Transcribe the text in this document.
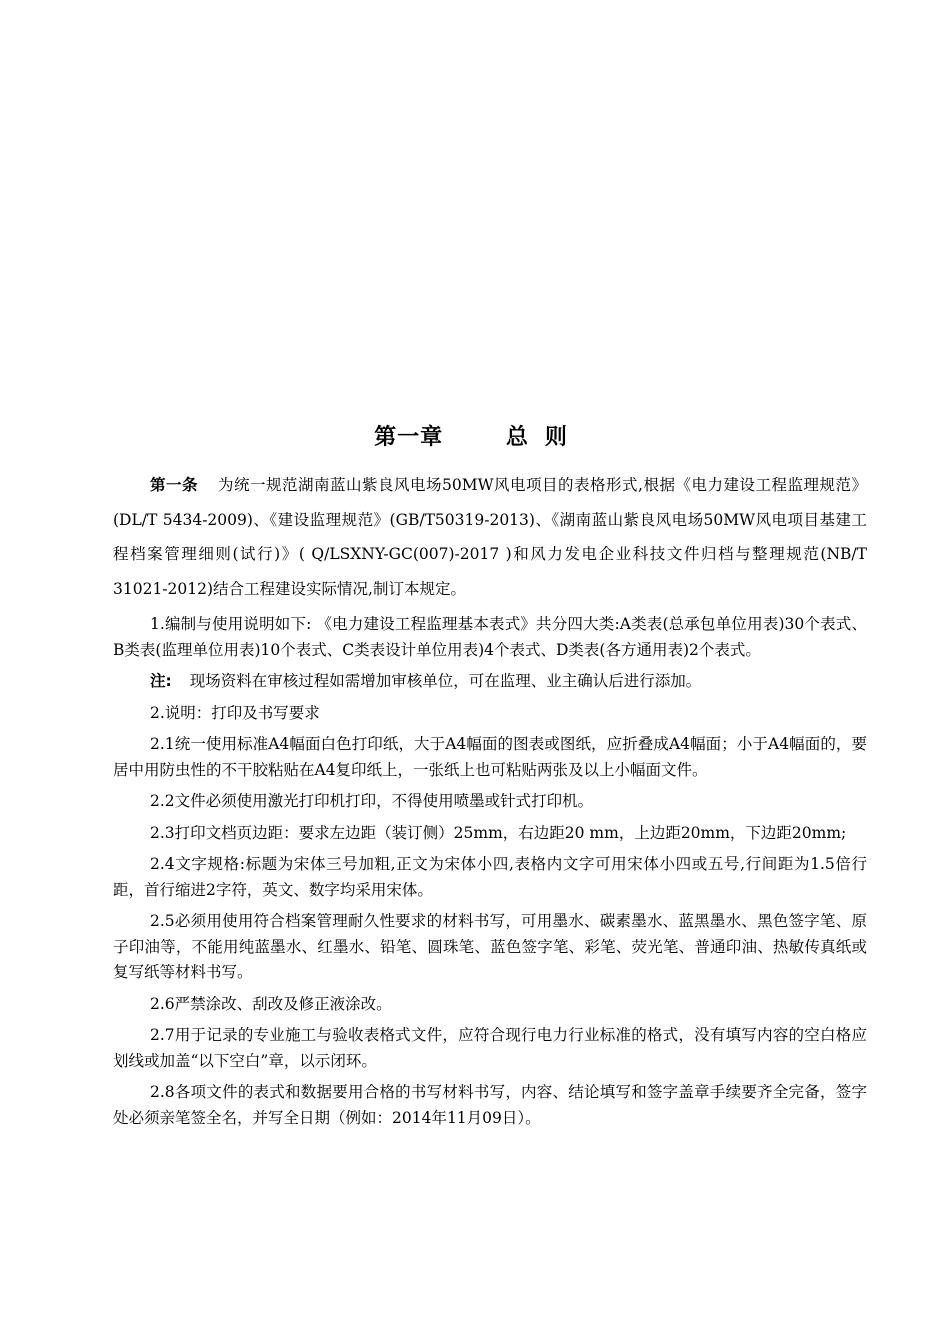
第一章	总 则

第一条 为统一规范湖南蓝山紫良风电场50MW风电项目的表格形式,根据《电力建设工程监理规范》(DL/T 5434-2009)、《建设监理规范》(GB/T50319-2013)、《湖南蓝山紫良风电场50MW风电项目基建工程档案管理细则(试行)》( Q/LSXNY-GC(007)-2017 )和风力发电企业科技文件归档与整理规范(NB/T 31021-2012)结合工程建设实际情况,制订本规定。

1.编制与使用说明如下: 《电力建设工程监理基本表式》共分四大类:A类表(总承包单位用表)30个表式、B类表(监理单位用表)10个表式、C类表设计单位用表)4个表式、D类表(各方通用表)2个表式。

注: 现场资料在审核过程如需增加审核单位，可在监理、业主确认后进行添加。

2.说明：打印及书写要求

2.1统一使用标准A4幅面白色打印纸，大于A4幅面的图表或图纸，应折叠成A4幅面；小于A4幅面的，要居中用防虫性的不干胶粘贴在A4复印纸上，一张纸上也可粘贴两张及以上小幅面文件。

2.2文件必须使用激光打印机打印，不得使用喷墨或针式打印机。

2.3打印文档页边距：要求左边距（装订侧）25mm，右边距20 mm，上边距20mm，下边距20mm;

2.4文字规格:标题为宋体三号加粗,正文为宋体小四,表格内文字可用宋体小四或五号,行间距为1.5倍行距，首行缩进2字符，英文、数字均采用宋体。

2.5必须用使用符合档案管理耐久性要求的材料书写，可用墨水、碳素墨水、蓝黑墨水、黑色签字笔、原子印油等，不能用纯蓝墨水、红墨水、铅笔、圆珠笔、蓝色签字笔、彩笔、荧光笔、普通印油、热敏传真纸或复写纸等材料书写。

2.6严禁涂改、刮改及修正液涂改。

2.7用于记录的专业施工与验收表格式文件，应符合现行电力行业标准的格式，没有填写内容的空白格应划线或加盖“以下空白”章，以示闭环。

2.8各项文件的表式和数据要用合格的书写材料书写，内容、结论填写和签字盖章手续要齐全完备，签字处必须亲笔签全名，并写全日期（例如：2014年11月09日）。
